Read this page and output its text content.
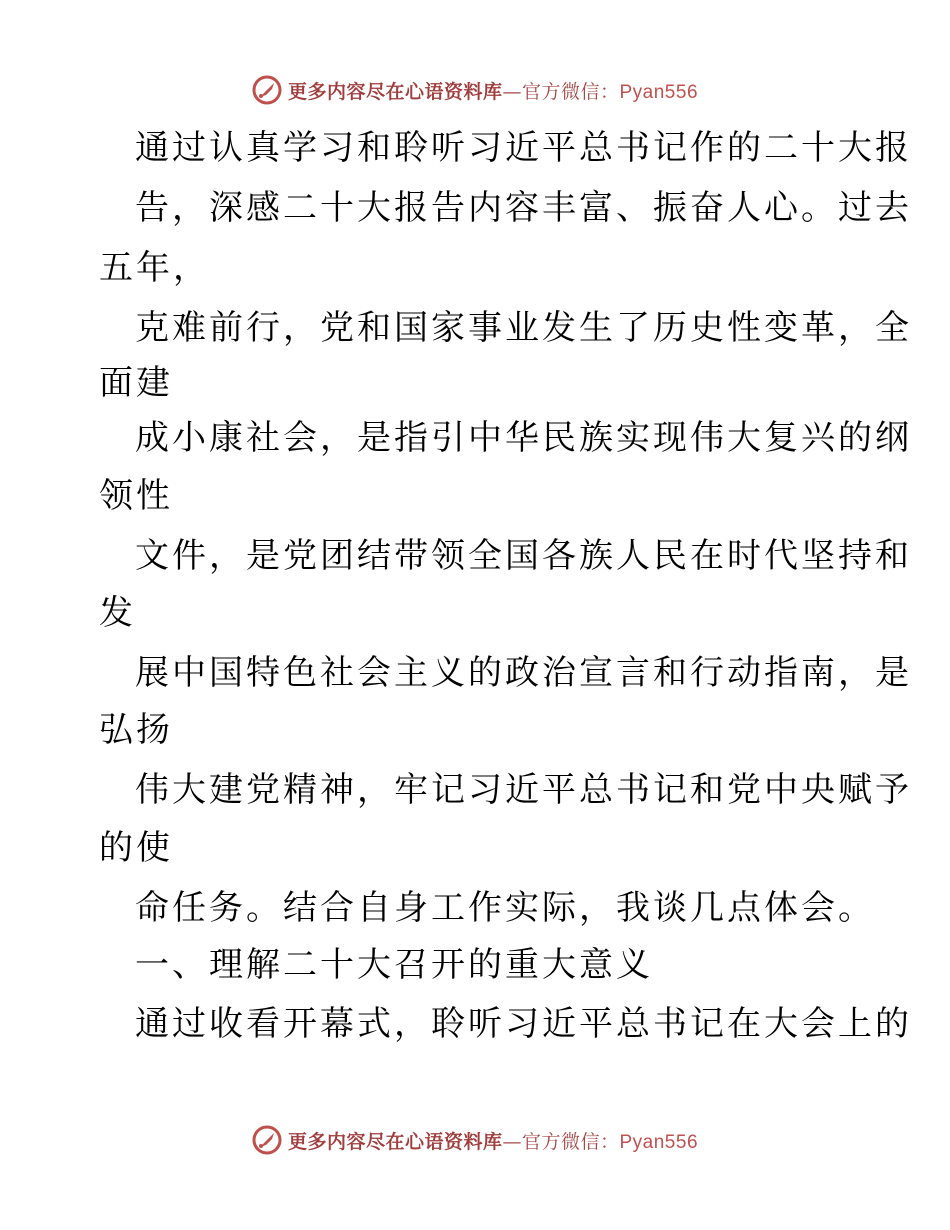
更多内容尽在心语资料库—官方微信：Pyan556
通过认真学习和聆听习近平总书记作的二十大报
告，深感二十大报告内容丰富、振奋人心。过去
五年，
克难前行，党和国家事业发生了历史性变革，全
面建
成小康社会，是指引中华民族实现伟大复兴的纲
领性
文件，是党团结带领全国各族人民在时代坚持和
发
展中国特色社会主义的政治宣言和行动指南，是
弘扬
伟大建党精神，牢记习近平总书记和党中央赋予
的使
命任务。结合自身工作实际，我谈几点体会。
一、理解二十大召开的重大意义
通过收看开幕式，聆听习近平总书记在大会上的
更多内容尽在心语资料库—官方微信：Pyan556
